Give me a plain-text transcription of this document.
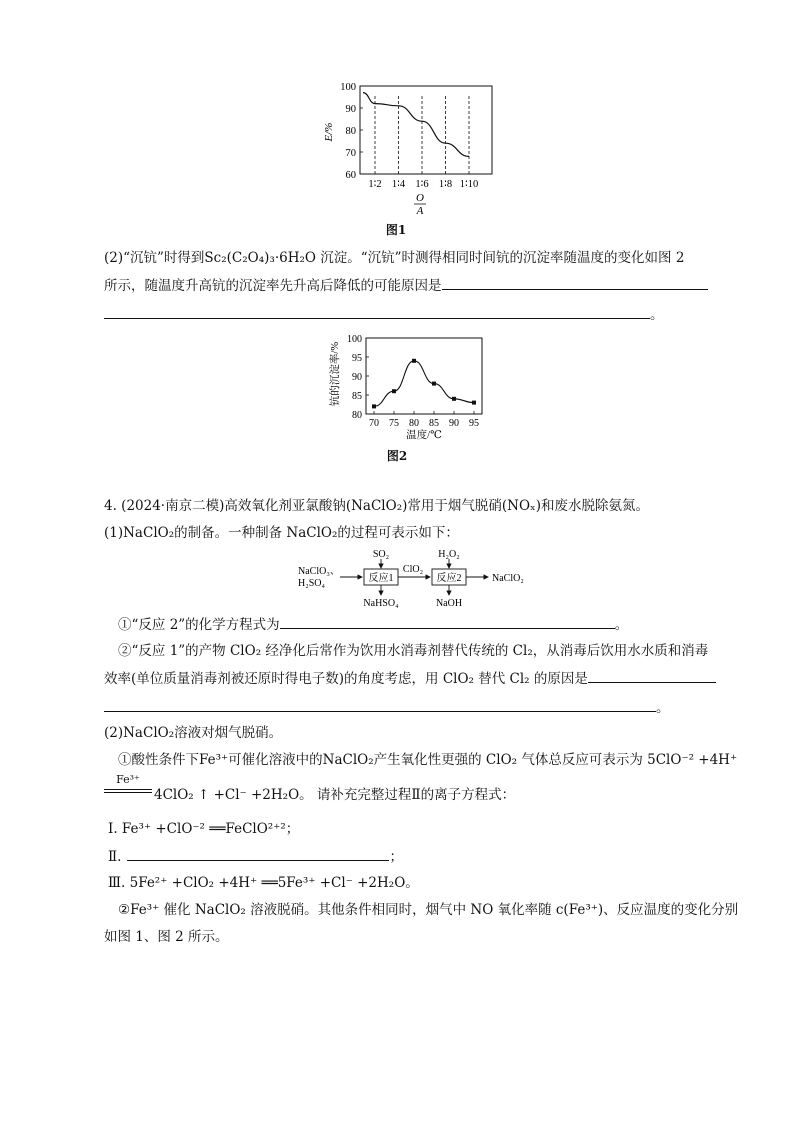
100
90
80
70
60
1∶2 1∶4 1∶6 1∶8 1∶10
E/%
O
A
图1
(2)“沉钪”时得到Sc₂(C₂O₄)₃·6H₂O 沉淀。“沉钪”时测得相同时间钪的沉淀率随温度的变化如图 2
所示，随温度升高钪的沉淀率先升高后降低的可能原因是
。
100
90
80
85
95
70 75 80 85 90 95
钪的沉淀率/%
温度/℃
图2
4. (2024·南京二模)高效氧化剂亚氯酸钠(NaClO₂)常用于烟气脱硝(NOₓ)和废水脱除氨氮。
(1)NaClO₂的制备。一种制备 NaClO₂的过程可表示如下：
NaClO₃、
H₂SO₄	反应1
SO₂
NaHSO₄
ClO₂
反应2
H₂O₂
NaOH
NaClO₂
①“反应 2”的化学方程式为	。
②“反应 1”的产物 ClO₂ 经净化后常作为饮用水消毒剂替代传统的 Cl₂，从消毒后饮用水水质和消毒
效率(单位质量消毒剂被还原时得电子数)的角度考虑，用 ClO₂ 替代 Cl₂ 的原因是
。
(2)NaClO₂溶液对烟气脱硝。
①酸性条件下Fe³⁺可催化溶液中的NaClO₂产生氧化性更强的 ClO₂ 气体总反应可表示为 5ClO⁻² +4H⁺
Fe³⁺
4ClO₂ ↑ +Cl⁻ +2H₂O。 请补充完整过程Ⅱ的离子方程式：
Ⅰ. Fe³⁺ +ClO⁻² ══FeClO²⁺²；
Ⅱ.	；
Ⅲ. 5Fe²⁺ +ClO₂ +4H⁺ ══5Fe³⁺ +Cl⁻ +2H₂O。
②Fe³⁺ 催化 NaClO₂ 溶液脱硝。其他条件相同时，烟气中 NO 氧化率随 c(Fe³⁺)、反应温度的变化分别
如图 1、图 2 所示。
